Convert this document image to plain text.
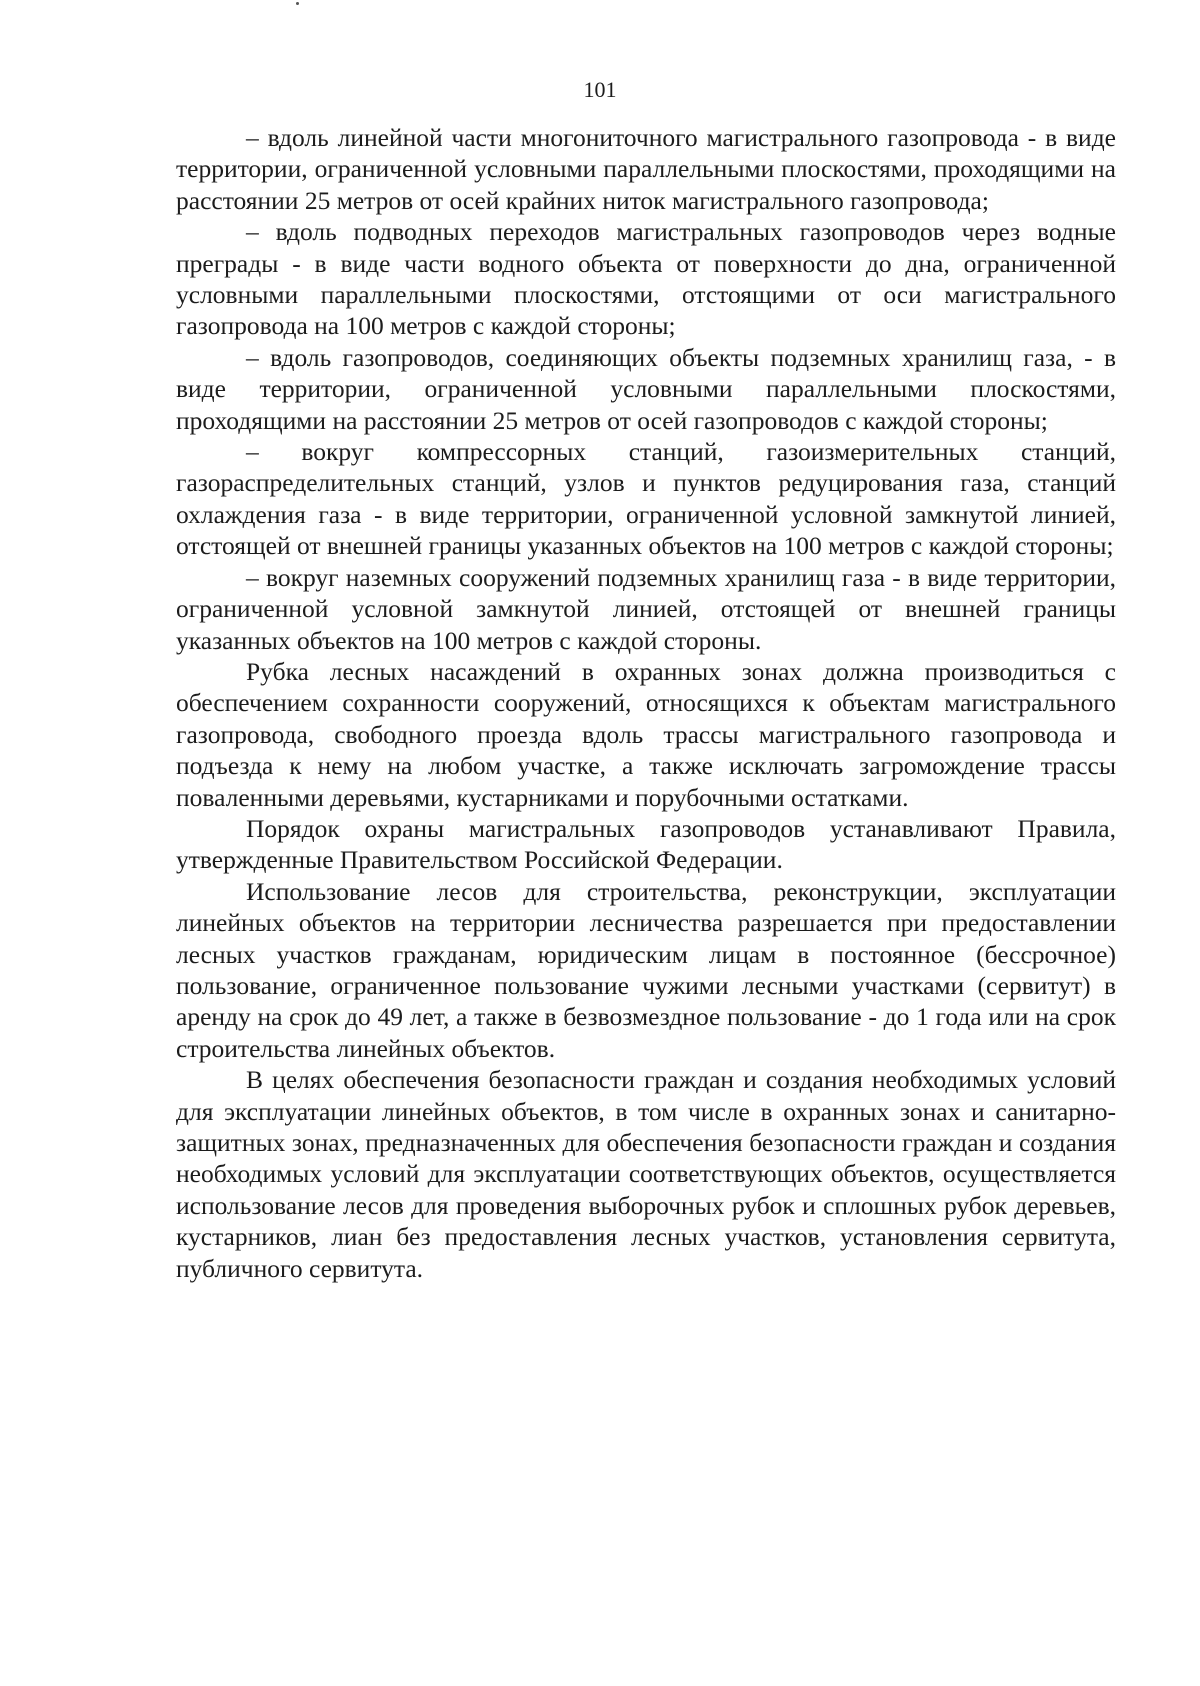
101

– вдоль линейной части многониточного магистрального газопровода - в виде территории, ограниченной условными параллельными плоскостями, проходящими на расстоянии 25 метров от осей крайних ниток магистрального газопровода;

– вдоль подводных переходов магистральных газопроводов через водные преграды - в виде части водного объекта от поверхности до дна, ограниченной условными параллельными плоскостями, отстоящими от оси магистрального газопровода на 100 метров с каждой стороны;

– вдоль газопроводов, соединяющих объекты подземных хранилищ газа, - в виде территории, ограниченной условными параллельными плоскостями, проходящими на расстоянии 25 метров от осей газопроводов с каждой стороны;

– вокруг компрессорных станций, газоизмерительных станций, газораспределительных станций, узлов и пунктов редуцирования газа, станций охлаждения газа - в виде территории, ограниченной условной замкнутой линией, отстоящей от внешней границы указанных объектов на 100 метров с каждой стороны;

– вокруг наземных сооружений подземных хранилищ газа - в виде территории, ограниченной условной замкнутой линией, отстоящей от внешней границы указанных объектов на 100 метров с каждой стороны.

Рубка лесных насаждений в охранных зонах должна производиться с обеспечением сохранности сооружений, относящихся к объектам магистрального газопровода, свободного проезда вдоль трассы магистрального газопровода и подъезда к нему на любом участке, а также исключать загромождение трассы поваленными деревьями, кустарниками и порубочными остатками.

Порядок охраны магистральных газопроводов устанавливают Правила, утвержденные Правительством Российской Федерации.

Использование лесов для строительства, реконструкции, эксплуатации линейных объектов на территории лесничества разрешается при предоставлении лесных участков гражданам, юридическим лицам в постоянное (бессрочное) пользование, ограниченное пользование чужими лесными участками (сервитут) в аренду на срок до 49 лет, а также в безвозмездное пользование - до 1 года или на срок строительства линейных объектов.

В целях обеспечения безопасности граждан и создания необходимых условий для эксплуатации линейных объектов, в том числе в охранных зонах и санитарно-защитных зонах, предназначенных для обеспечения безопасности граждан и создания необходимых условий для эксплуатации соответствующих объектов, осуществляется использование лесов для проведения выборочных рубок и сплошных рубок деревьев, кустарников, лиан без предоставления лесных участков, установления сервитута, публичного сервитута.
